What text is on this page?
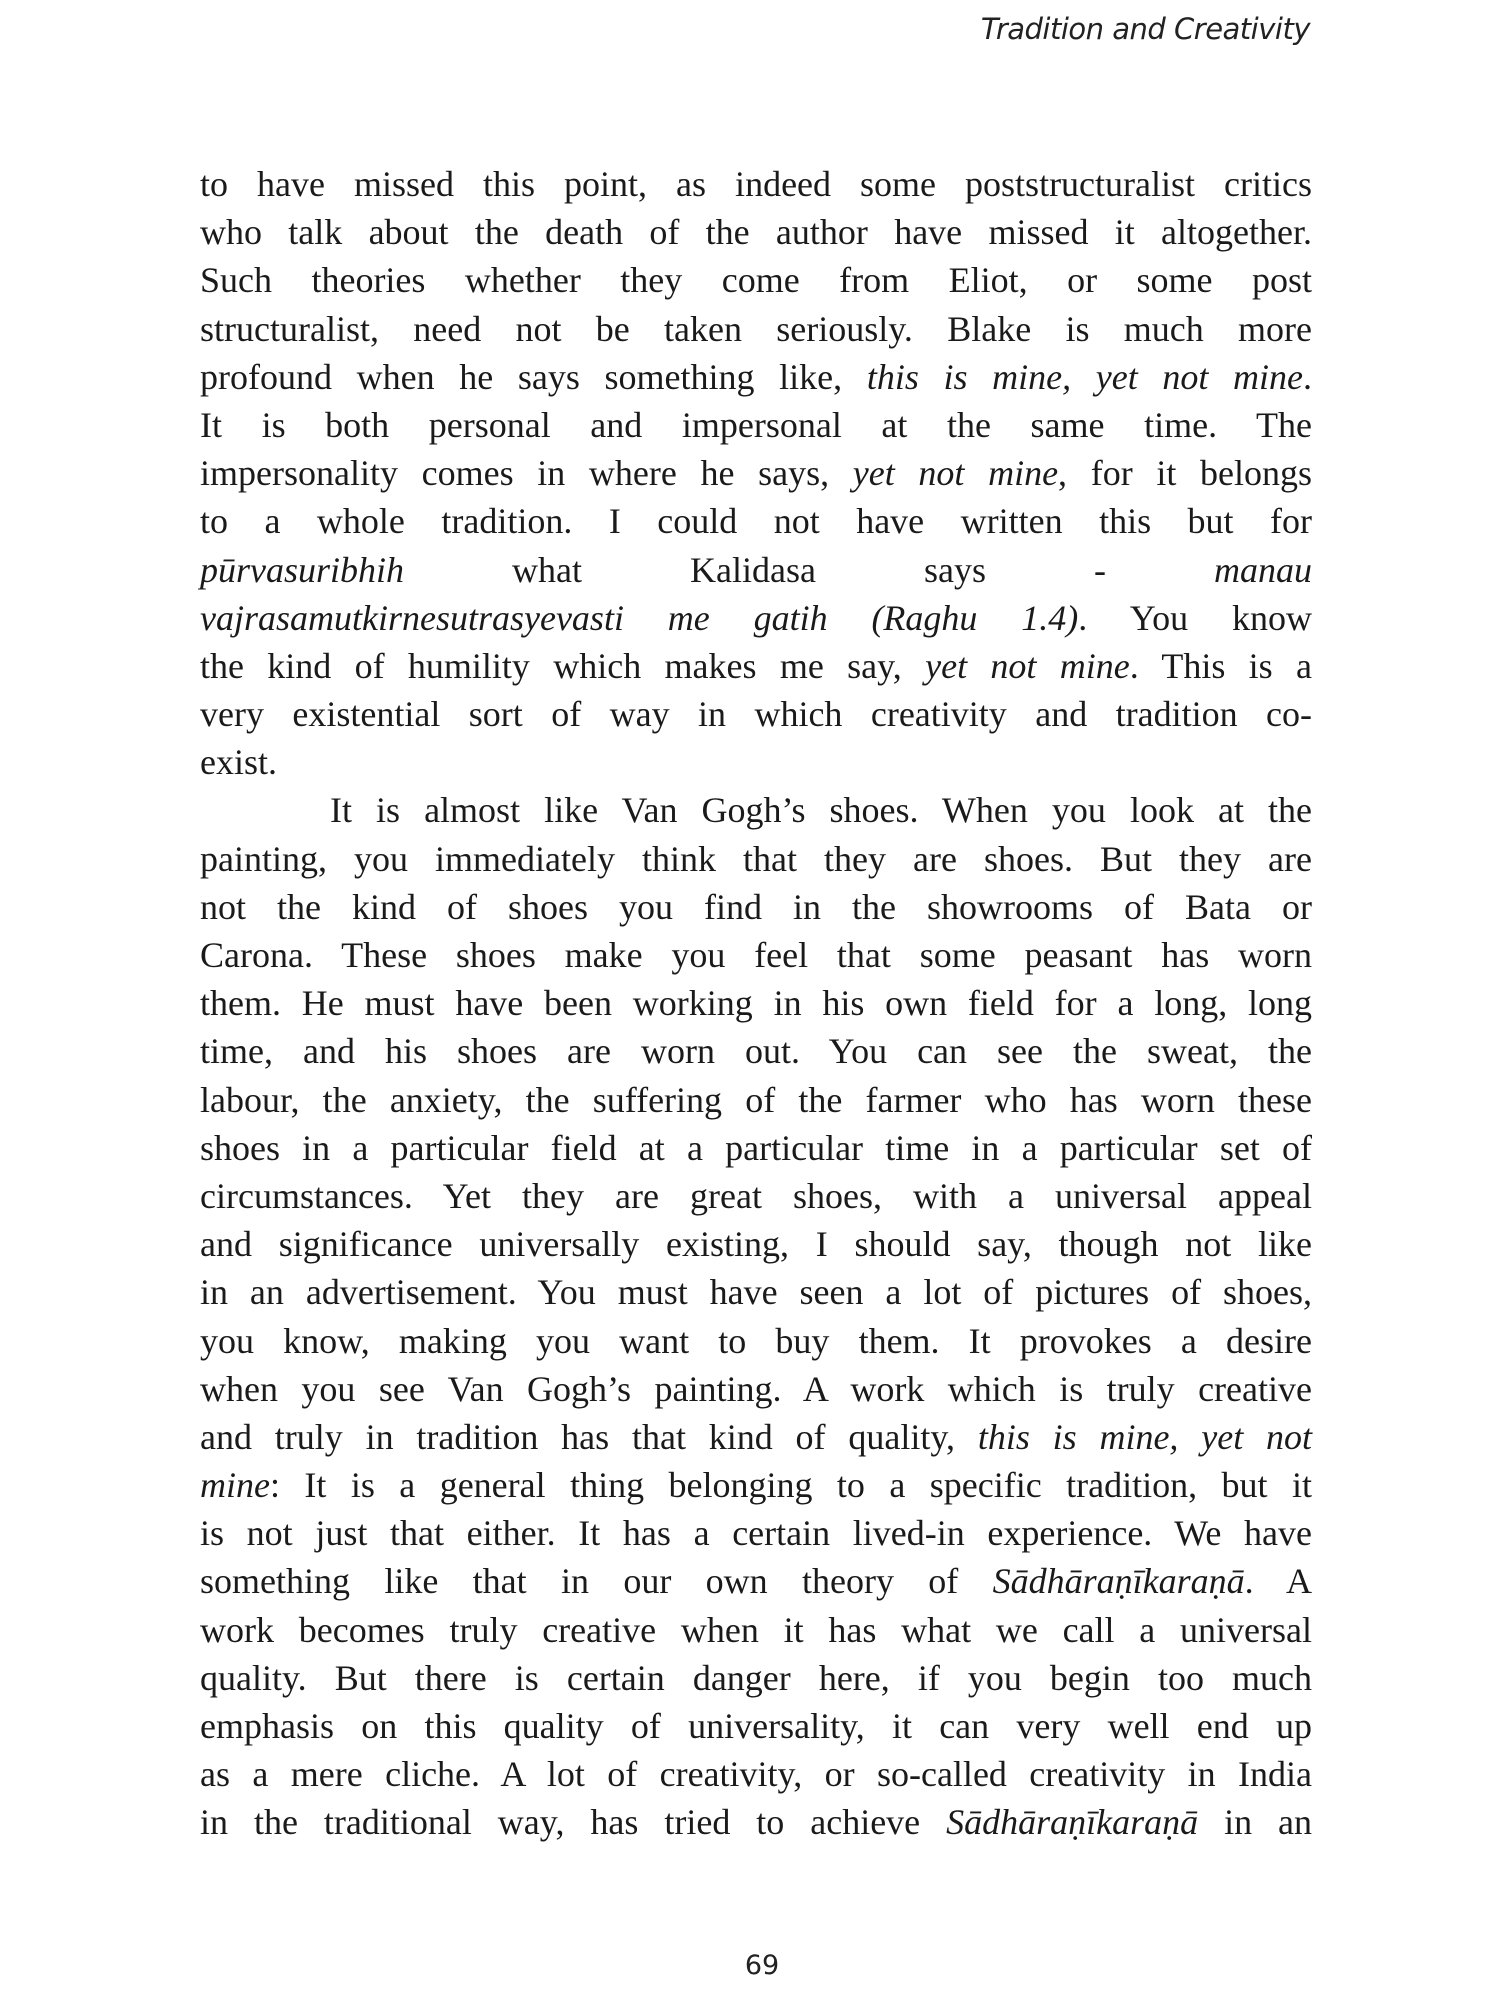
Tradition and Creativity
to have missed this point, as indeed some poststructuralist critics
who talk about the death of the author have missed it altogether.
Such theories whether they come from Eliot, or some post
structuralist, need not be taken seriously. Blake is much more
profound when he says something like, this is mine, yet not mine.
It is both personal and impersonal at the same time. The
impersonality comes in where he says, yet not mine, for it belongs
to a whole tradition. I could not have written this but for
pūrvasuribhih what Kalidasa says - manau
vajrasamutkirnesutrasyevasti me gatih (Raghu 1.4). You know
the kind of humility which makes me say, yet not mine. This is a
very existential sort of way in which creativity and tradition co-
exist.
It is almost like Van Gogh’s shoes. When you look at the
painting, you immediately think that they are shoes. But they are
not the kind of shoes you find in the showrooms of Bata or
Carona. These shoes make you feel that some peasant has worn
them. He must have been working in his own field for a long, long
time, and his shoes are worn out. You can see the sweat, the
labour, the anxiety, the suffering of the farmer who has worn these
shoes in a particular field at a particular time in a particular set of
circumstances. Yet they are great shoes, with a universal appeal
and significance universally existing, I should say, though not like
in an advertisement. You must have seen a lot of pictures of shoes,
you know, making you want to buy them. It provokes a desire
when you see Van Gogh’s painting. A work which is truly creative
and truly in tradition has that kind of quality, this is mine, yet not
mine: It is a general thing belonging to a specific tradition, but it
is not just that either. It has a certain lived-in experience. We have
something like that in our own theory of Sādhāraṇīkaraṇā. A
work becomes truly creative when it has what we call a universal
quality. But there is certain danger here, if you begin too much
emphasis on this quality of universality, it can very well end up
as a mere cliche. A lot of creativity, or so-called creativity in India
in the traditional way, has tried to achieve Sādhāraṇīkaraṇā in an
69
